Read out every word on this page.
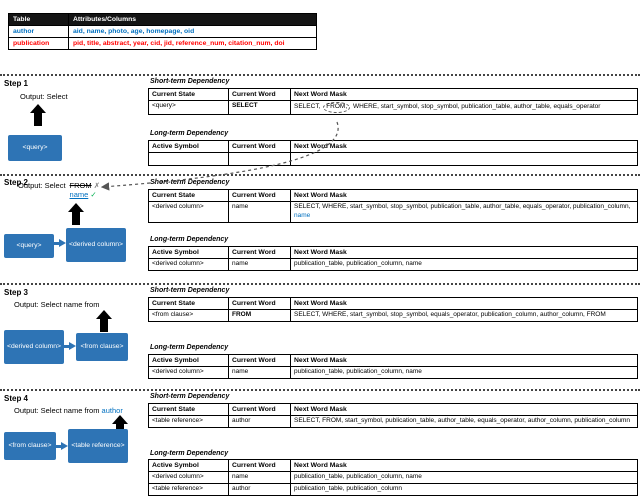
Table	Attributes/Columns
author	aid, name, photo, age, homepage, oid
publication	pid, title, abstract, year, cid, jid, reference_num, citation_num, doi
Step 1
Output: Select
<query>
Short-term Dependency
Current State	Current Word	Next Word Mask
<query>	SELECT	SELECT, FROM, WHERE, start_symbol, stop_symbol, publication_table, author_table, equals_operator
Long-term Dependency
Active Symbol	Current Word	Next Word Mask

Step 2
Output: Select FROM ✗
name ✓
<query>	<derived column>
Short-term Dependency
Current State	Current Word	Next Word Mask
<derived column>	name	SELECT, WHERE, start_symbol, stop_symbol, publication_table, author_table, equals_operator, publication_column, name
Long-term Dependency
Active Symbol	Current Word	Next Word Mask
<derived column>	name	publication_table, publication_column, name
Step 3
Output: Select name from
<derived column>	<from clause>
Short-term Dependency
Current State	Current Word	Next Word Mask
<from clause>	FROM	SELECT, WHERE, start_symbol, stop_symbol, equals_operator, publication_column, author_column, FROM
Long-term Dependency
Active Symbol	Current Word	Next Word Mask
<derived column>	name	publication_table, publication_column, name
Step 4
Output: Select name from author
<from clause>	<table reference>
Short-term Dependency
Current State	Current Word	Next Word Mask
<table reference>	author	SELECT, FROM, start_symbol, publication_table, author_table, equals_operator, author_column, publication_column
Long-term Dependency
Active Symbol	Current Word	Next Word Mask
<derived column>	name	publication_table, publication_column, name
<table reference>	author	publication_table, publication_column
